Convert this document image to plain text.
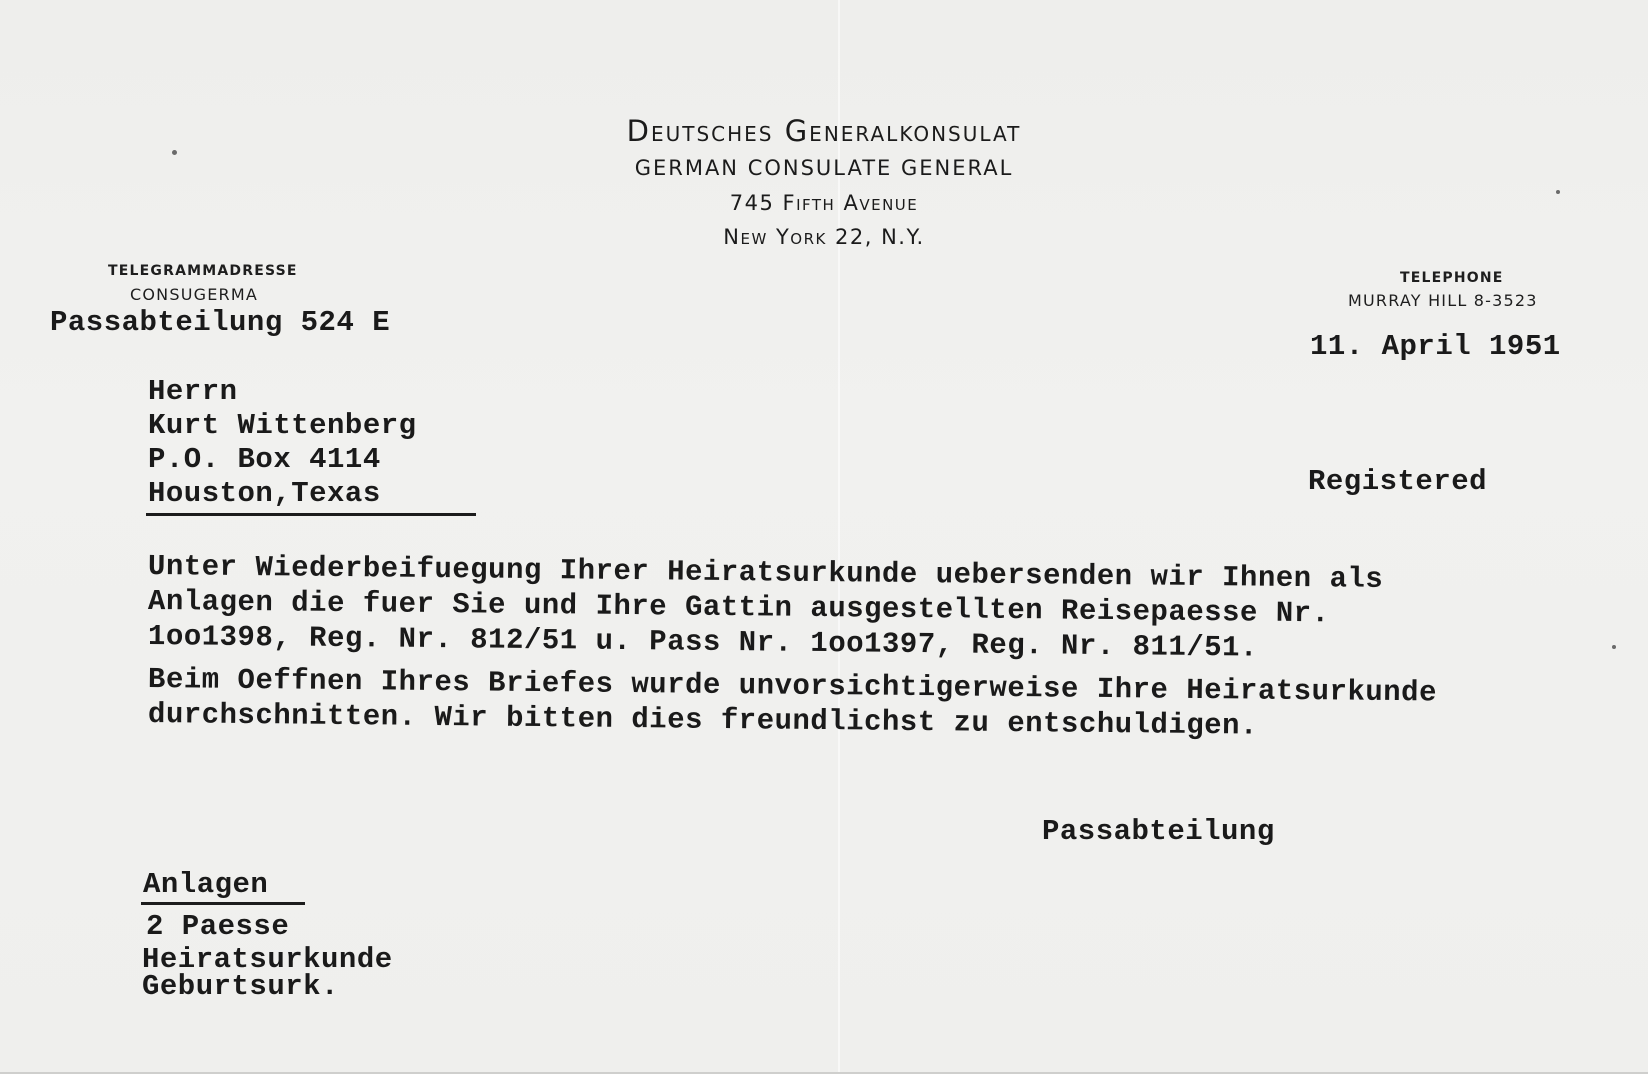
Deutsches Generalkonsulat
GERMAN CONSULATE GENERAL
745 Fifth Avenue
New York 22, N.Y.
TELEGRAMMADRESSE
CONSUGERMA
TELEPHONE
MURRAY HILL 8-3523
Passabteilung 524 E
11. April 1951
Herrn
Kurt Wittenberg
P.O. Box 4114
Houston,Texas	Registered
Unter Wiederbeifuegung Ihrer Heiratsurkunde uebersenden wir Ihnen als
Anlagen die fuer Sie und Ihre Gattin ausgestellten Reisepaesse Nr.
1oo1398, Reg. Nr. 812/51 u. Pass Nr. 1oo1397, Reg. Nr. 811/51.
Beim Oeffnen Ihres Briefes wurde unvorsichtigerweise Ihre Heiratsurkunde
durchschnitten. Wir bitten dies freundlichst zu entschuldigen.
Passabteilung
Anlagen
2 Paesse
Heiratsurkunde
Geburtsurk.
